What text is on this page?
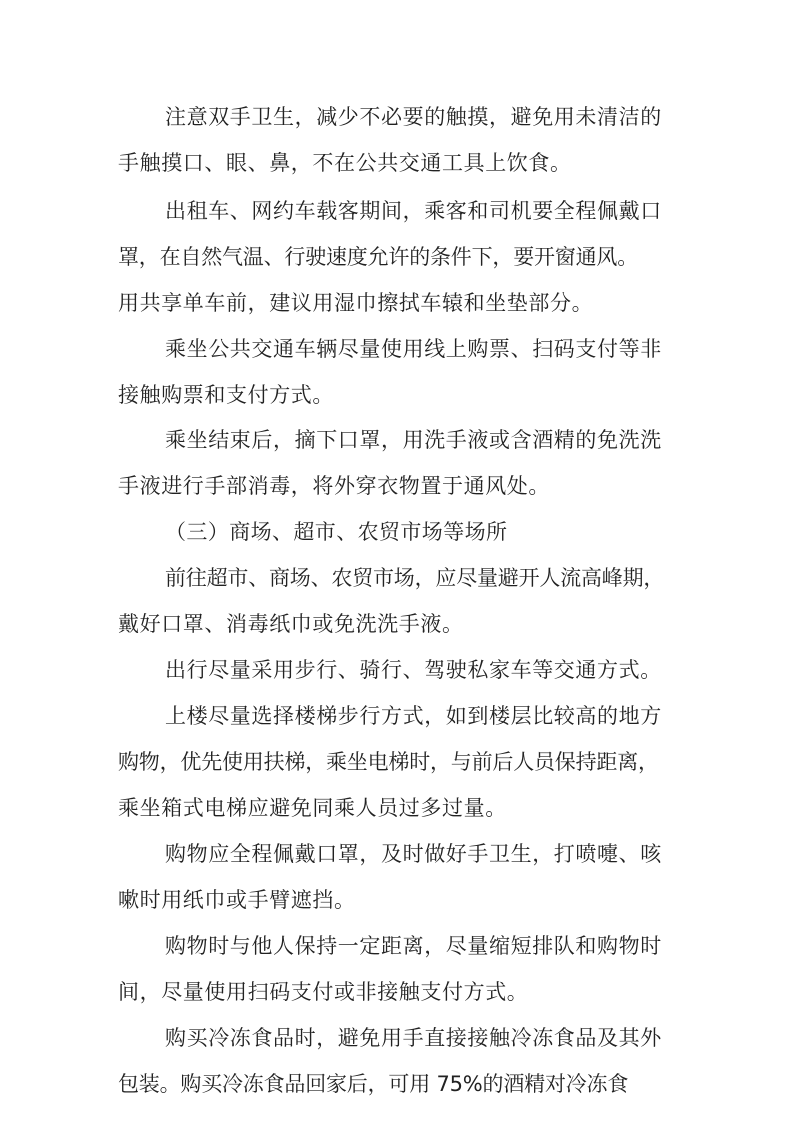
注意双手卫生，减少不必要的触摸，避免用未清洁的
手触摸口、眼、鼻，不在公共交通工具上饮食。
出租车、网约车载客期间，乘客和司机要全程佩戴口
罩，在自然气温、行驶速度允许的条件下，要开窗通风。
用共享单车前，建议用湿巾擦拭车辕和坐垫部分。
乘坐公共交通车辆尽量使用线上购票、扫码支付等非
接触购票和支付方式。
乘坐结束后，摘下口罩，用洗手液或含酒精的免洗洗
手液进行手部消毒，将外穿衣物置于通风处。
（三）商场、超市、农贸市场等场所
前往超市、商场、农贸市场，应尽量避开人流高峰期，
戴好口罩、消毒纸巾或免洗洗手液。
出行尽量采用步行、骑行、驾驶私家车等交通方式。
上楼尽量选择楼梯步行方式，如到楼层比较高的地方
购物，优先使用扶梯，乘坐电梯时，与前后人员保持距离，
乘坐箱式电梯应避免同乘人员过多过量。
购物应全程佩戴口罩，及时做好手卫生，打喷嚏、咳
嗽时用纸巾或手臂遮挡。
购物时与他人保持一定距离，尽量缩短排队和购物时
间，尽量使用扫码支付或非接触支付方式。
购买冷冻食品时，避免用手直接接触冷冻食品及其外
包装。购买冷冻食品回家后，可用 75%的酒精对冷冻食
